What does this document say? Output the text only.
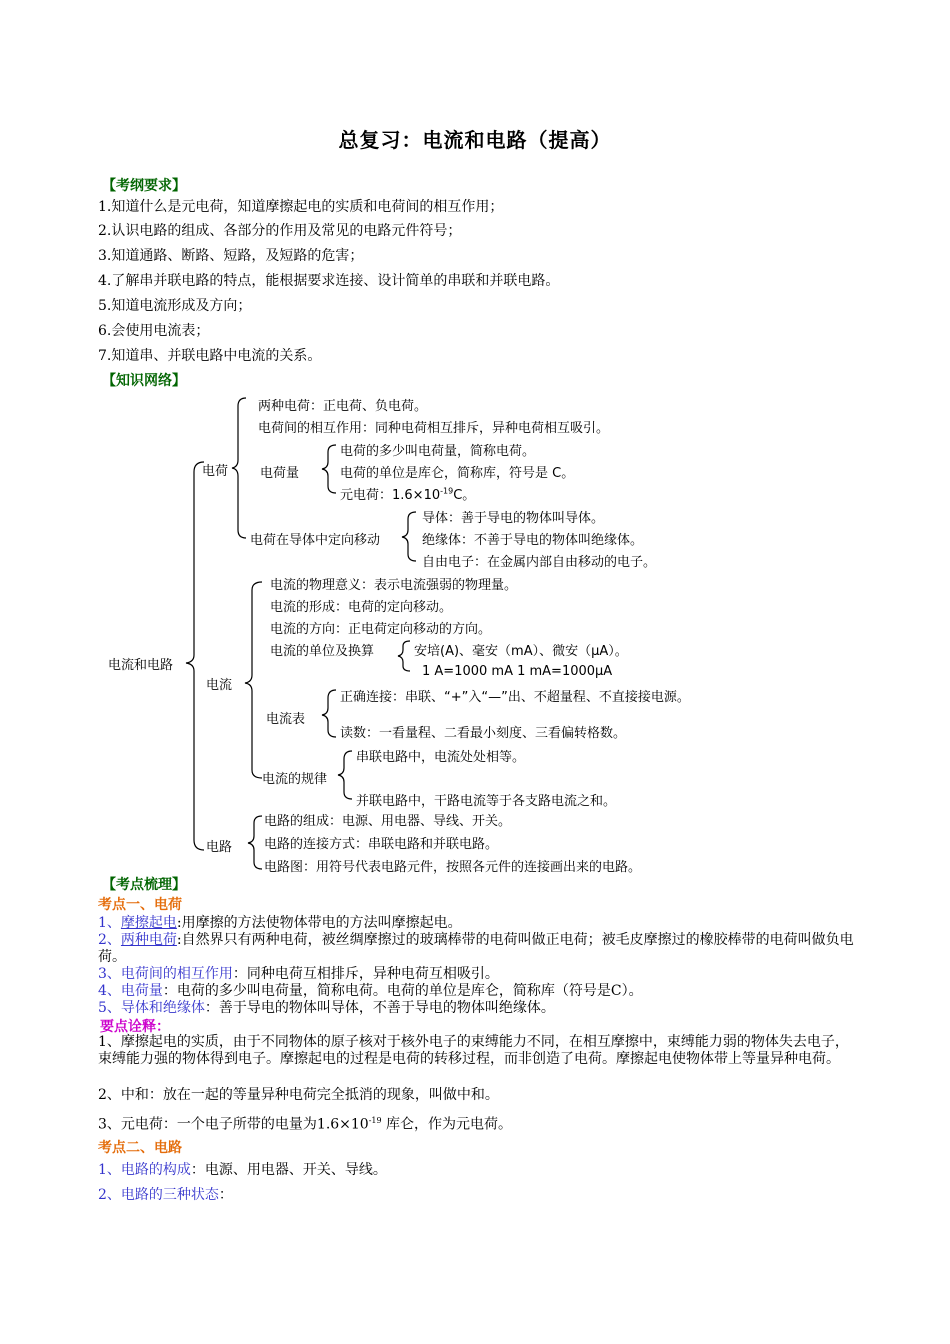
总复习：电流和电路（提高）
【考纲要求】
1.知道什么是元电荷，知道摩擦起电的实质和电荷间的相互作用；
2.认识电路的组成、各部分的作用及常见的电路元件符号；
3.知道通路、断路、短路，及短路的危害；
4.了解串并联电路的特点，能根据要求连接、设计简单的串联和并联电路。
5.知道电流形成及方向；
6.会使用电流表；
7.知道串、并联电路中电流的关系。
【知识网络】
电流和电路
电荷
两种电荷：正电荷、负电荷。
电荷间的相互作用：同种电荷相互排斥，异种电荷相互吸引。
电荷量
电荷的多少叫电荷量，简称电荷。
电荷的单位是库仑，简称库，符号是 C。
元电荷：$1.6\times 10^{-19}C$。
电荷在导体中定向移动
导体：善于导电的物体叫导体。
绝缘体：不善于导电的物体叫绝缘体。
自由电子：在金属内部自由移动的电子。
电流
电流的物理意义：表示电流强弱的物理量。
电流的形成：电荷的定向移动。
电流的方向：正电荷定向移动的方向。
电流的单位及换算	安培(A)、毫安（mA）、微安（μA）。
1 A=1000 mA 1 mA=1000μA
电流表
正确连接：串联、“+”入“—”出、不超量程、不直接接电源。
读数：一看量程、二看最小刻度、三看偏转格数。
电流的规律
串联电路中，电流处处相等。
并联电路中，干路电流等于各支路电流之和。
电路
电路的组成：电源、用电器、导线、开关。
电路的连接方式：串联电路和并联电路。
电路图：用符号代表电路元件，按照各元件的连接画出来的电路。
【考点梳理】
考点一、电荷
1、摩擦起电:用摩擦的方法使物体带电的方法叫摩擦起电。
2、两种电荷:自然界只有两种电荷，被丝绸摩擦过的玻璃棒带的电荷叫做正电荷；被毛皮摩擦过的橡胶棒带的电荷叫做负电荷。
3、电荷间的相互作用：同种电荷互相排斥，异种电荷互相吸引。
4、电荷量：电荷的多少叫电荷量，简称电荷。电荷的单位是库仑，简称库（符号是C）。
5、导体和绝缘体：善于导电的物体叫导体，不善于导电的物体叫绝缘体。
要点诠释：
1、摩擦起电的实质，由于不同物体的原子核对于核外电子的束缚能力不同，在相互摩擦中，束缚能力弱的物体失去电子，束缚能力强的物体得到电子。摩擦起电的过程是电荷的转移过程，而非创造了电荷。摩擦起电使物体带上等量异种电荷。
2、中和：放在一起的等量异种电荷完全抵消的现象，叫做中和。
3、元电荷：一个电子所带的电量为$1.6\times 10^{-19}$ 库仑，作为元电荷。
考点二、电路
1、电路的构成：电源、用电器、开关、导线。
2、电路的三种状态：
